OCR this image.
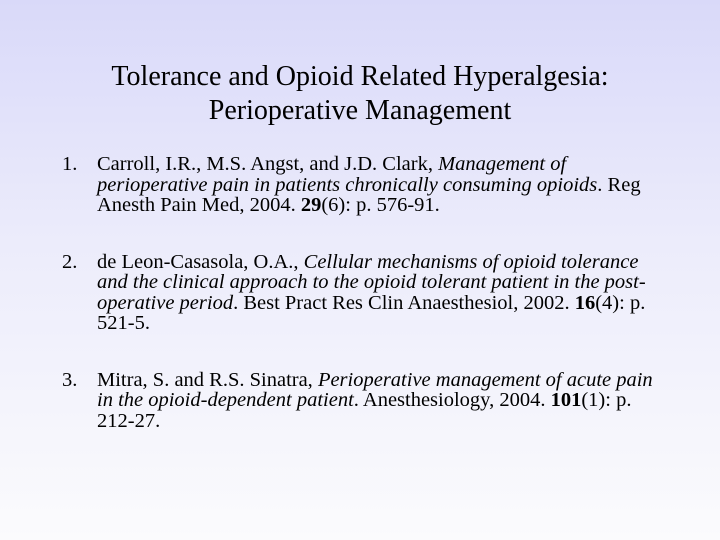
Tolerance and Opioid Related Hyperalgesia:
Perioperative Management
1. Carroll, I.R., M.S. Angst, and J.D. Clark, Management of perioperative pain in patients chronically consuming opioids. Reg Anesth Pain Med, 2004. 29(6): p. 576-91.
2. de Leon-Casasola, O.A., Cellular mechanisms of opioid tolerance and the clinical approach to the opioid tolerant patient in the post-operative period. Best Pract Res Clin Anaesthesiol, 2002. 16(4): p. 521-5.
3. Mitra, S. and R.S. Sinatra, Perioperative management of acute pain in the opioid-dependent patient. Anesthesiology, 2004. 101(1): p. 212-27.
